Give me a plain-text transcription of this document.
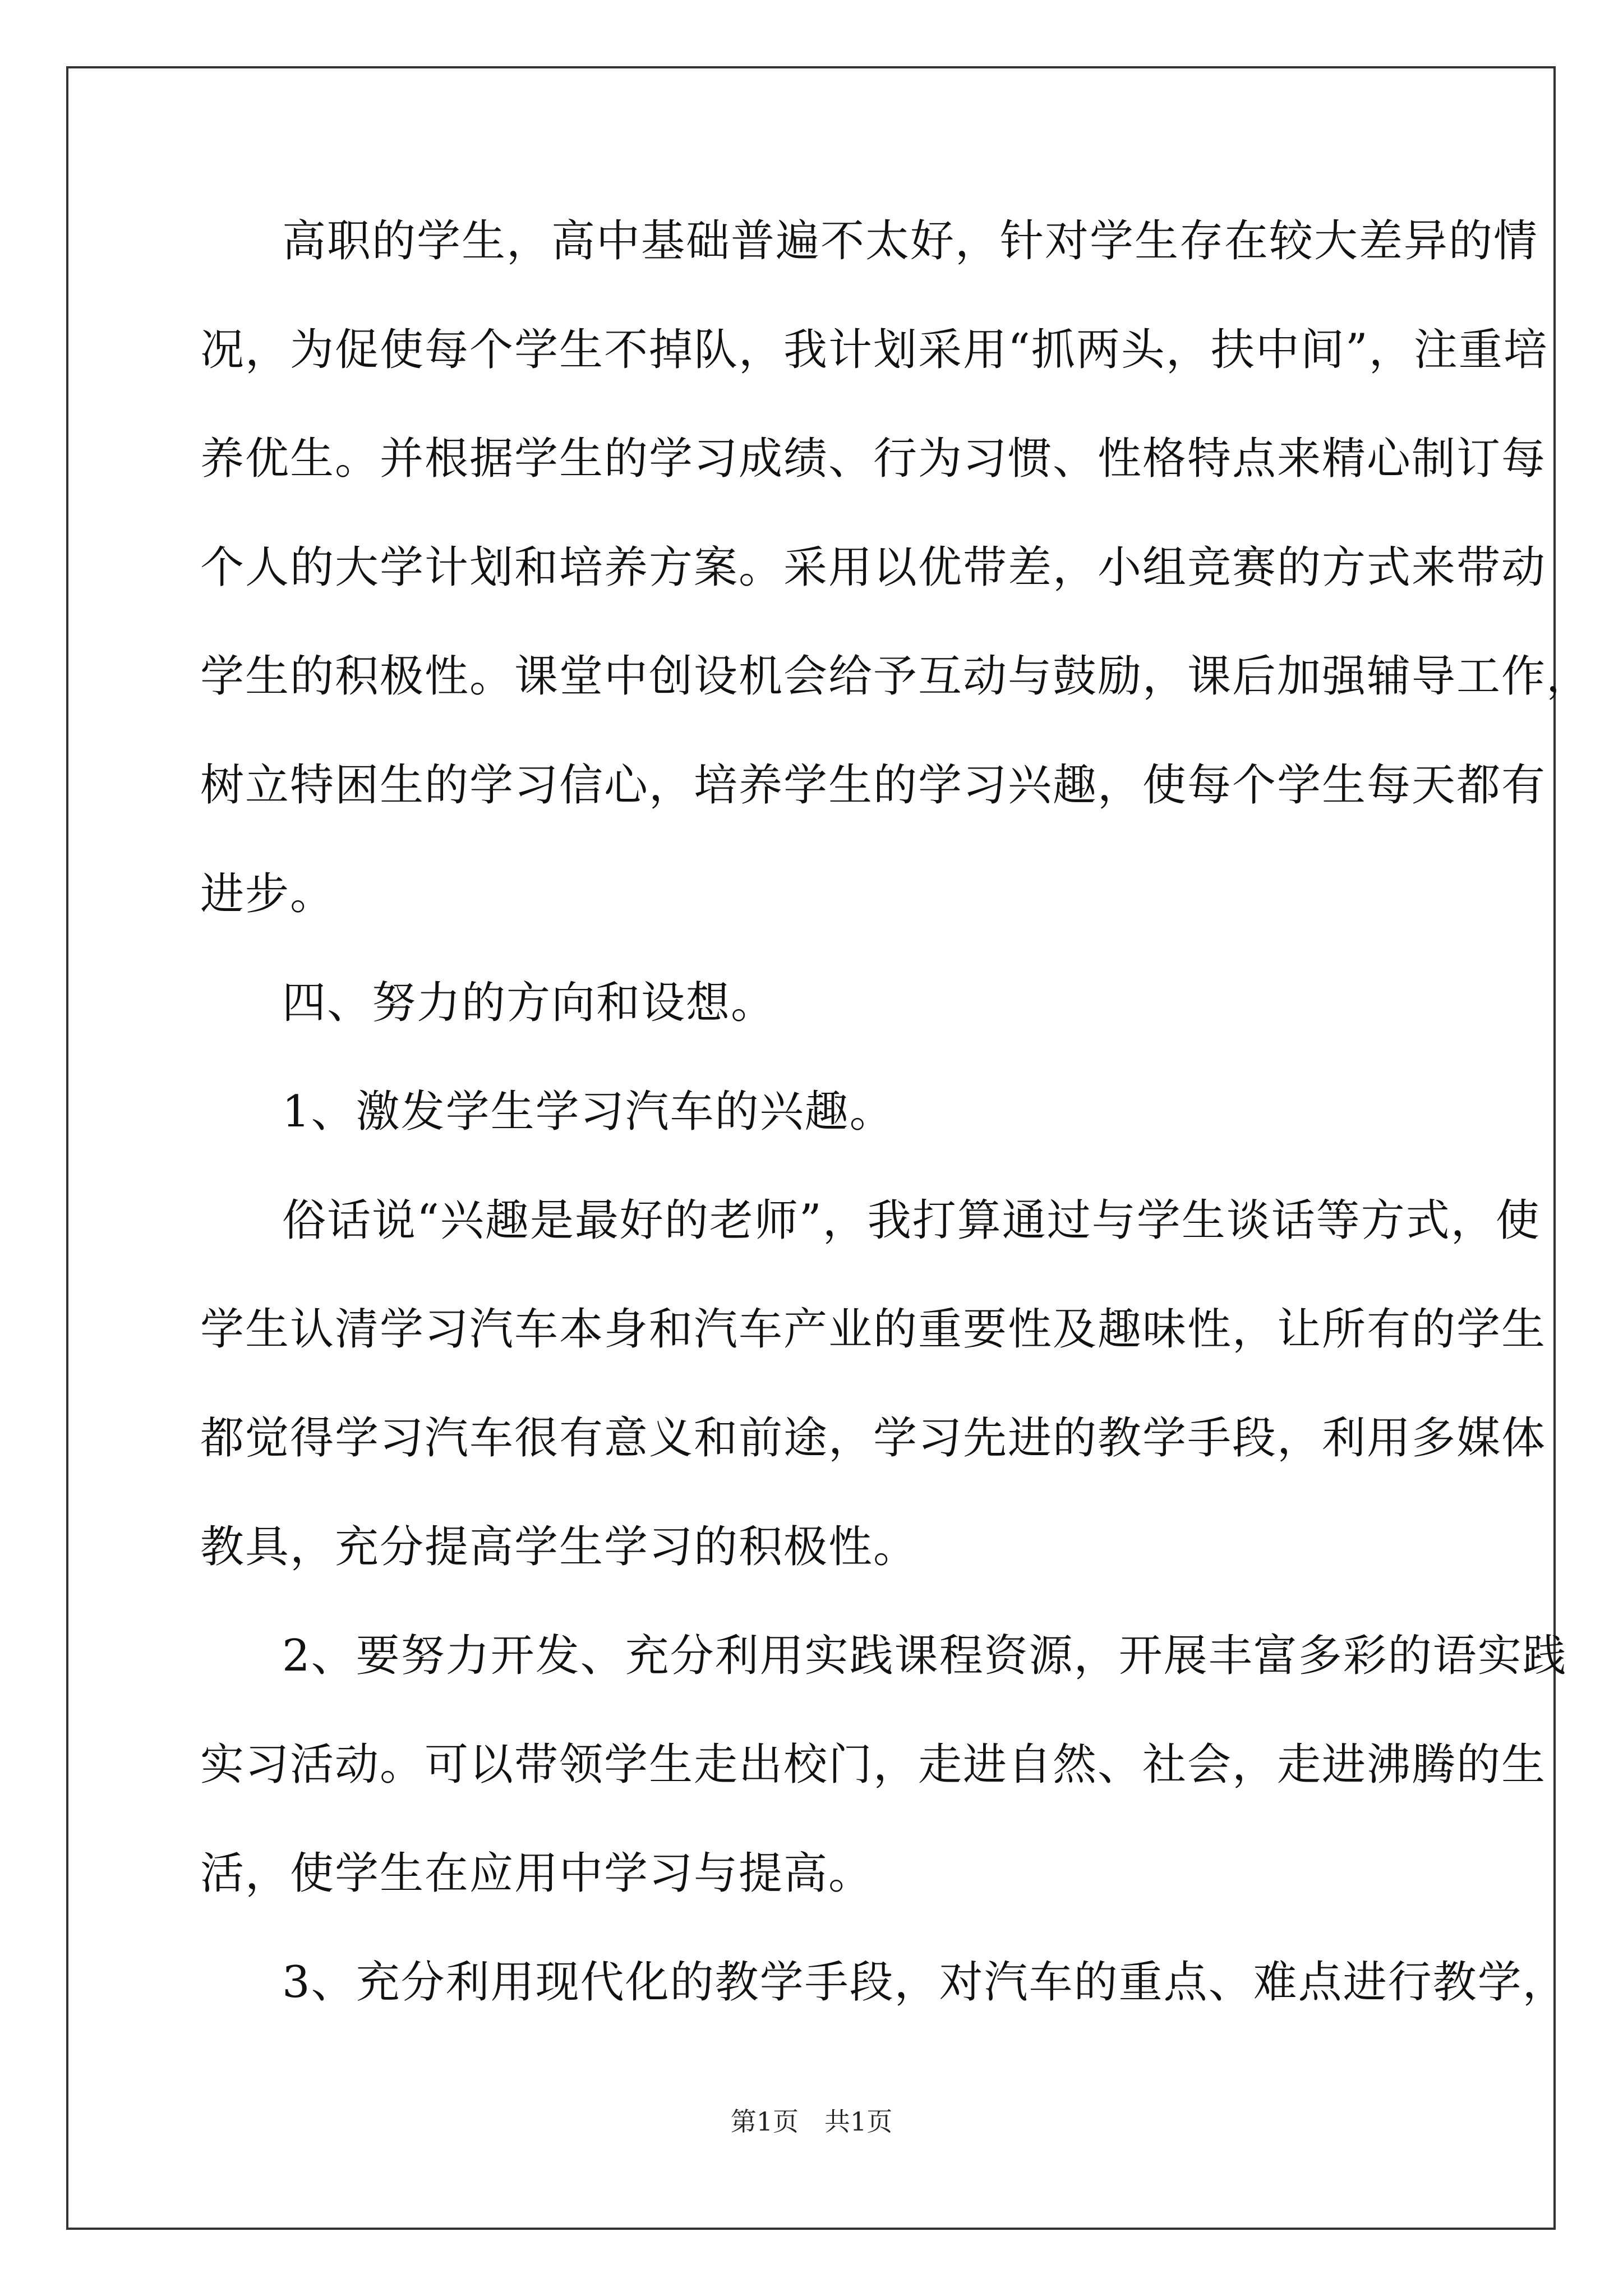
高职的学生，高中基础普遍不太好，针对学生存在较大差异的情
况，为促使每个学生不掉队，我计划采用“抓两头，扶中间”，注重培
养优生。并根据学生的学习成绩、行为习惯、性格特点来精心制订每
个人的大学计划和培养方案。采用以优带差，小组竞赛的方式来带动
学生的积极性。课堂中创设机会给予互动与鼓励，课后加强辅导工作，
树立特困生的学习信心，培养学生的学习兴趣，使每个学生每天都有
进步。
四、努力的方向和设想。
1、激发学生学习汽车的兴趣。
俗话说“兴趣是最好的老师”，我打算通过与学生谈话等方式，使
学生认清学习汽车本身和汽车产业的重要性及趣味性，让所有的学生
都觉得学习汽车很有意义和前途，学习先进的教学手段，利用多媒体
教具，充分提高学生学习的积极性。
2、要努力开发、充分利用实践课程资源，开展丰富多彩的语实践
实习活动。可以带领学生走出校门，走进自然、社会，走进沸腾的生
活，使学生在应用中学习与提高。
3、充分利用现代化的教学手段，对汽车的重点、难点进行教学，
第1页　共1页
